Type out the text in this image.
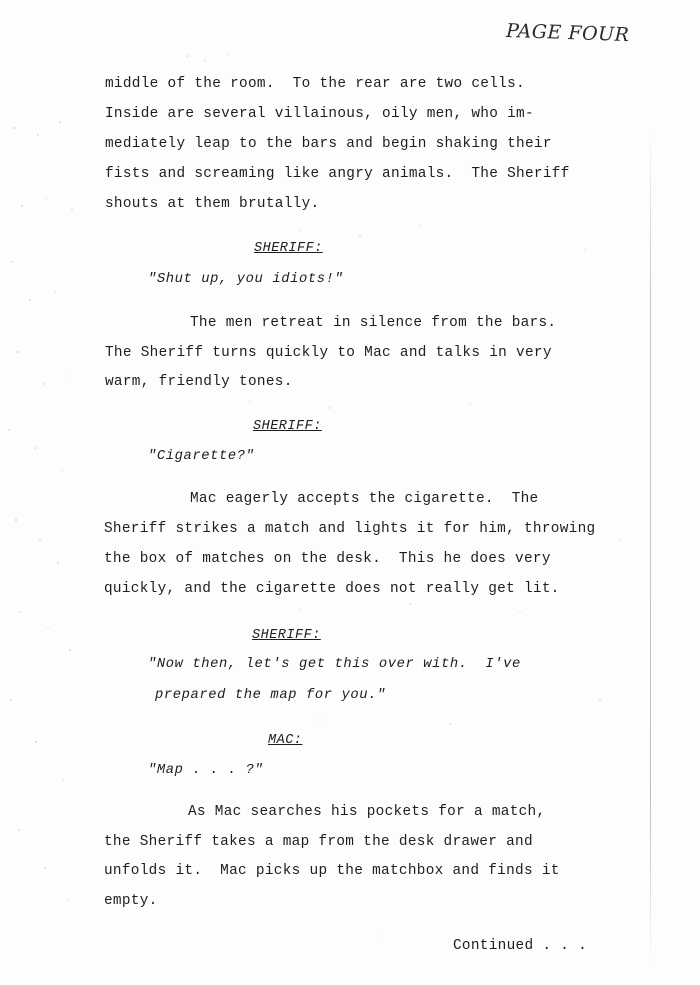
PAGE FOUR
middle of the room.  To the rear are two cells.
Inside are several villainous, oily men, who im-
mediately leap to the bars and begin shaking their
fists and screaming like angry animals.  The Sheriff
shouts at them brutally.
SHERIFF:
"Shut up, you idiots!"
The men retreat in silence from the bars.
The Sheriff turns quickly to Mac and talks in very
warm, friendly tones.
SHERIFF:
"Cigarette?"
Mac eagerly accepts the cigarette.  The
Sheriff strikes a match and lights it for him, throwing
the box of matches on the desk.  This he does very
quickly, and the cigarette does not really get lit.
SHERIFF:
"Now then, let's get this over with.  I've
prepared the map for you."
MAC:
"Map . . . ?"
As Mac searches his pockets for a match,
the Sheriff takes a map from the desk drawer and
unfolds it.  Mac picks up the matchbox and finds it
empty.
Continued . . .
